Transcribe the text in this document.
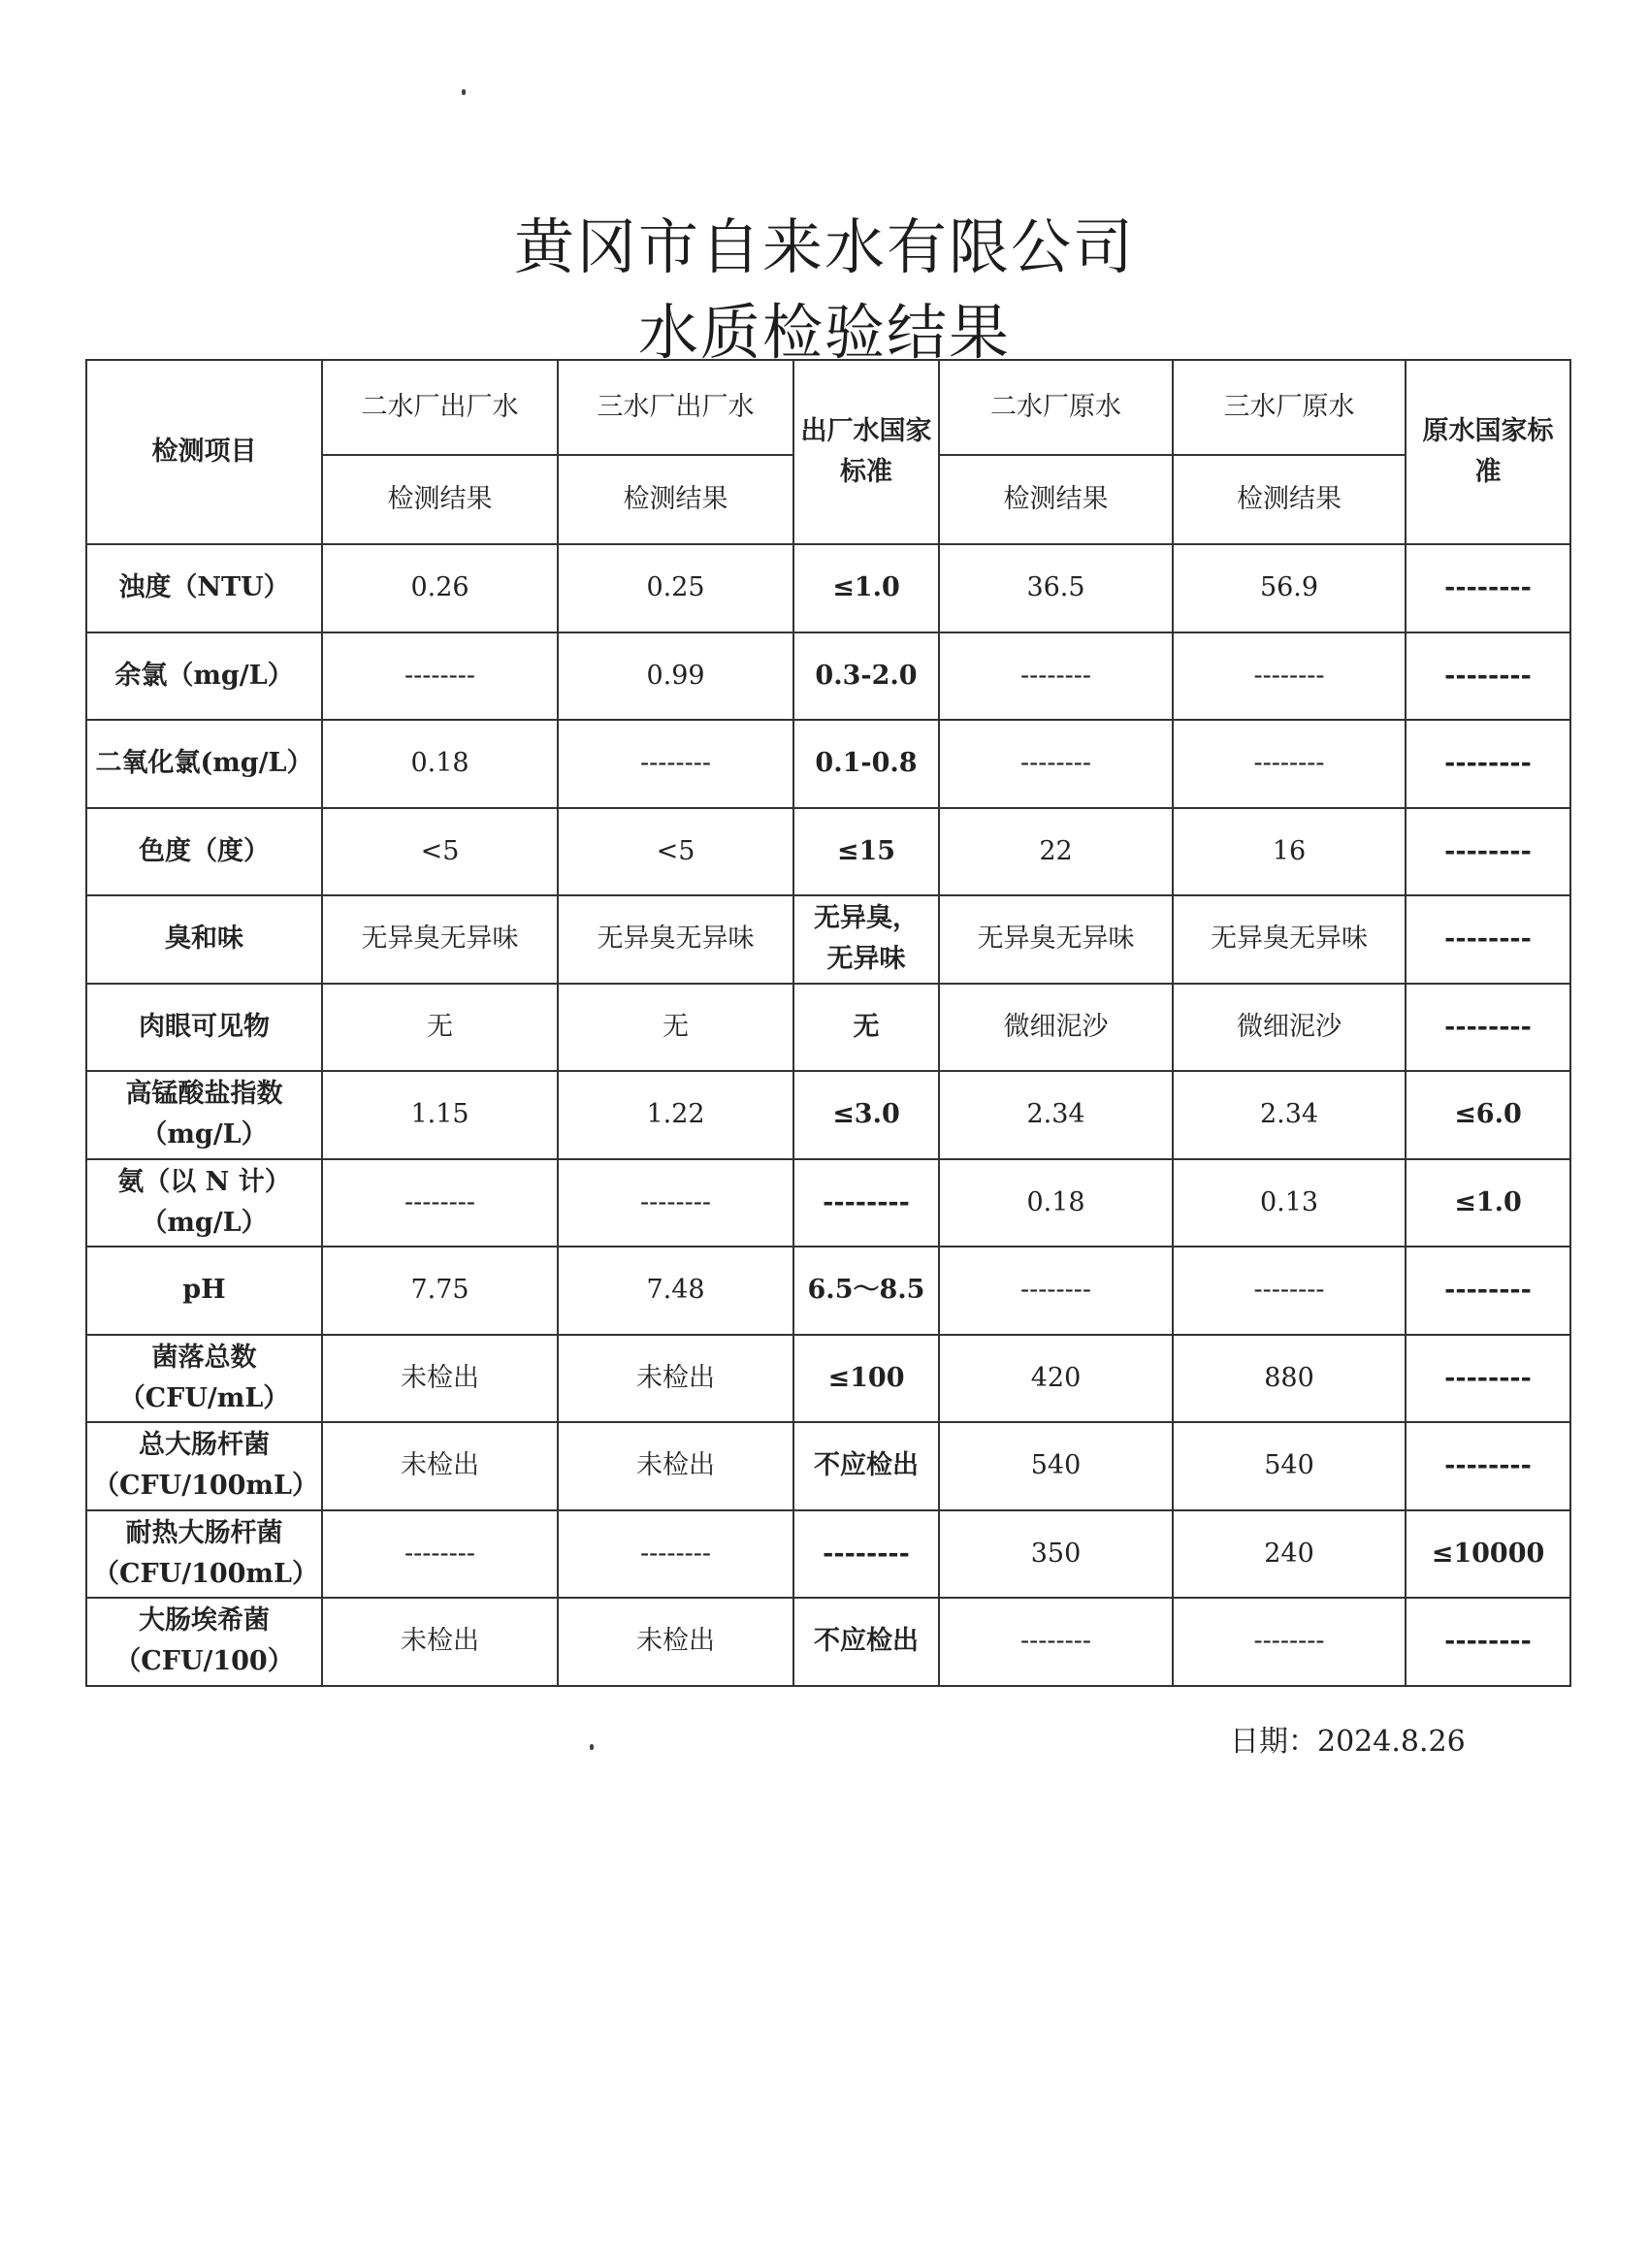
黄冈市自来水有限公司
水质检验结果
检测项目	二水厂出厂水	三水厂出厂水	出厂水国家标准	二水厂原水	三水厂原水	原水国家标准
	检测结果	检测结果		检测结果	检测结果	
浊度（NTU）	0.26	0.25	≤1.0	36.5	56.9	--------
余氯（mg/L）	--------	0.99	0.3-2.0	--------	--------	--------
二氧化氯(mg/L）	0.18	--------	0.1-0.8	--------	--------	--------
色度（度）	<5	<5	≤15	22	16	--------
臭和味	无异臭无异味	无异臭无异味	无异臭，
无异味	无异臭无异味	无异臭无异味	--------
肉眼可见物	无	无	无	微细泥沙	微细泥沙	--------
高锰酸盐指数
（mg/L）	1.15	1.22	≤3.0	2.34	2.34	≤6.0
氨（以 N 计）
（mg/L）	--------	--------	--------	0.18	0.13	≤1.0
pH	7.75	7.48	6.5～8.5	--------	--------	--------
菌落总数
（CFU/mL）	未检出	未检出	≤100	420	880	--------
总大肠杆菌
（CFU/100mL）	未检出	未检出	不应检出	540	540	--------
耐热大肠杆菌
（CFU/100mL）	--------	--------	--------	350	240	≤10000
大肠埃希菌
（CFU/100）	未检出	未检出	不应检出	--------	--------	--------
日期：2024.8.26
